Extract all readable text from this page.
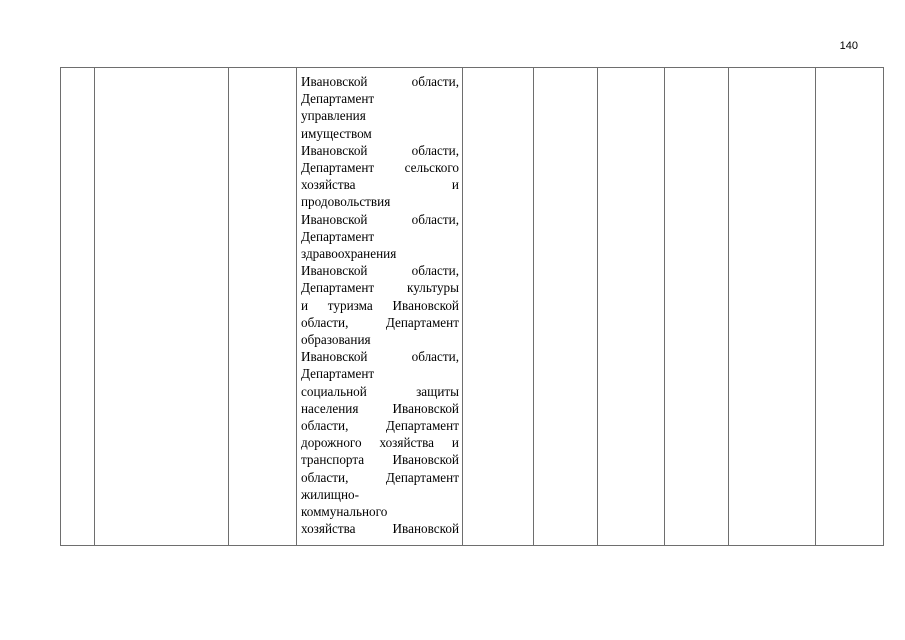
140

Ивановской области,

Департамент

управления

имуществом

Ивановской области,

Департамент сельского

хозяйства и

продовольствия

Ивановской области,

Департамент

здравоохранения

Ивановской области,

Департамент культуры

и туризма Ивановской

области, Департамент

образования

Ивановской области,

Департамент

социальной защиты

населения Ивановской

области, Департамент

дорожного хозяйства и

транспорта Ивановской

области, Департамент

жилищно-

коммунального

хозяйства Ивановской
